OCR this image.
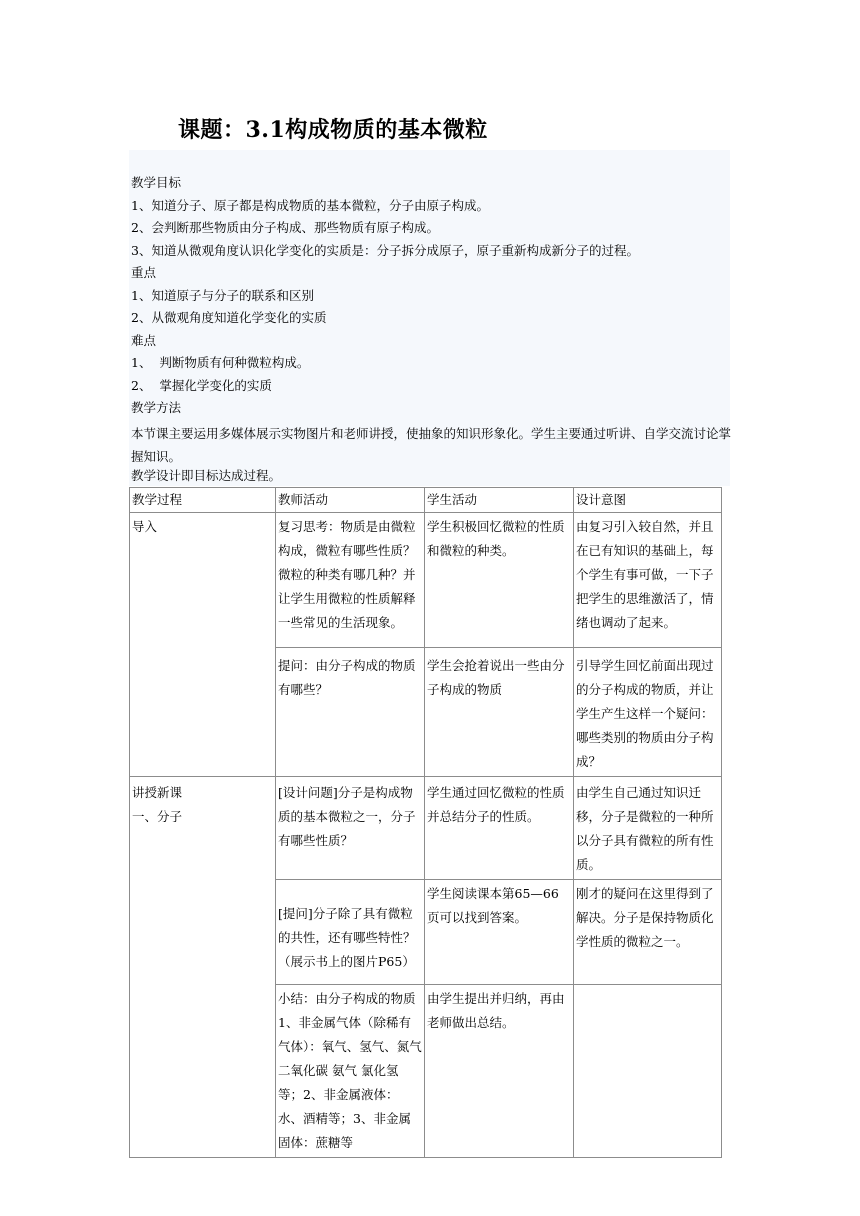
课题：3.1构成物质的基本微粒
教学目标
1、知道分子、原子都是构成物质的基本微粒，分子由原子构成。
2、会判断那些物质由分子构成、那些物质有原子构成。
3、知道从微观角度认识化学变化的实质是：分子拆分成原子，原子重新构成新分子的过程。
重点
1、知道原子与分子的联系和区别
2、从微观角度知道化学变化的实质
难点
1、  判断物质有何种微粒构成。
2、  掌握化学变化的实质
教学方法
本节课主要运用多媒体展示实物图片和老师讲授，使抽象的知识形象化。学生主要通过听讲、自学交流讨论掌握知识。
教学设计即目标达成过程。
教学过程	教师活动	学生活动	设计意图
导入	复习思考：物质是由微粒构成，微粒有哪些性质？微粒的种类有哪几种？并让学生用微粒的性质解释一些常见的生活现象。	学生积极回忆微粒的性质和微粒的种类。	由复习引入较自然，并且在已有知识的基础上，每个学生有事可做，一下子把学生的思维激活了，情绪也调动了起来。
	提问：由分子构成的物质有哪些？	学生会抢着说出一些由分子构成的物质	引导学生回忆前面出现过的分子构成的物质，并让学生产生这样一个疑问：哪些类别的物质由分子构成？

讲授新课
一、分子	[设计问题]分子是构成物质的基本微粒之一，分子有哪些性质？	学生通过回忆微粒的性质并总结分子的性质。	由学生自己通过知识迁移，分子是微粒的一种所以分子具有微粒的所有性质。
	[提问]分子除了具有微粒的共性，还有哪些特性？（展示书上的图片P65）	学生阅读课本第65—66页可以找到答案。	刚才的疑问在这里得到了解决。分子是保持物质化学性质的微粒之一。
	小结：由分子构成的物质1、非金属气体（除稀有气体）：氧气、氢气、氮气二氧化碳 氨气 氯化氢等；2、非金属液体：水、酒精等；3、非金属固体：蔗糖等	由学生提出并归纳，再由老师做出总结。	
